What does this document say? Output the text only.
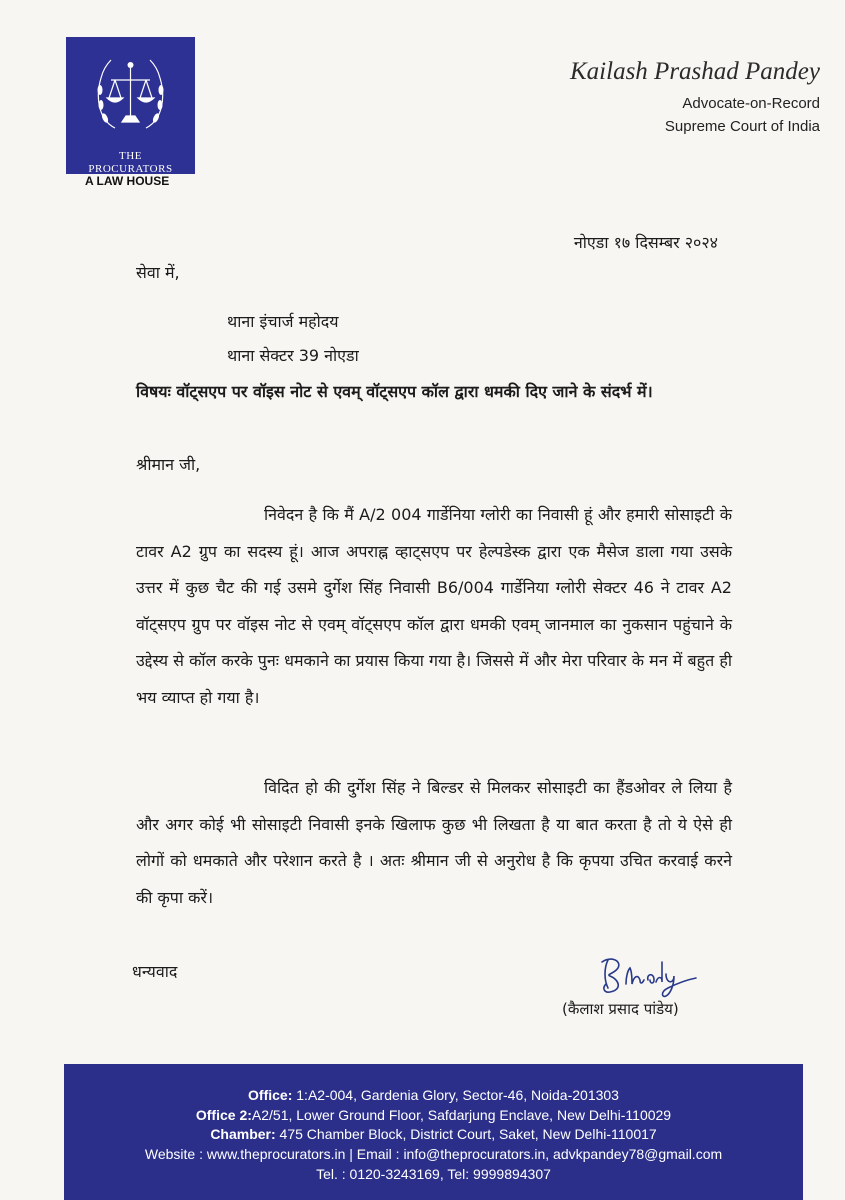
THE
PROCURATORS
A LAW HOUSE
Kailash Prashad Pandey
Advocate-on-Record
Supreme Court of India
नोएडा १७ दिसम्बर २०२४
सेवा में,
थाना इंचार्ज महोदय
थाना सेक्टर 39 नोएडा
विषयः वॉट्सएप पर वॉइस नोट से एवम् वॉट्सएप कॉल द्वारा धमकी दिए जाने के संदर्भ में।
श्रीमान जी,
निवेदन है कि मैं A/2 004 गार्डेनिया ग्लोरी का निवासी हूं और हमारी सोसाइटी के टावर A2 ग्रुप का सदस्य हूं। आज अपराह्न व्हाट्सएप पर हेल्पडेस्क द्वारा एक मैसेज डाला गया उसके उत्तर में कुछ चैट की गई उसमे दुर्गेश सिंह निवासी B6/004 गार्डेनिया ग्लोरी सेक्टर 46 ने टावर A2 वॉट्सएप ग्रुप पर वॉइस नोट से एवम् वॉट्सएप कॉल द्वारा धमकी एवम् जानमाल का नुकसान पहुंचाने के उद्देस्य से कॉल करके पुनः धमकाने का प्रयास किया गया है। जिससे में और मेरा परिवार के मन में बहुत ही भय व्याप्त हो गया है।
विदित हो की दुर्गेश सिंह ने बिल्डर से मिलकर सोसाइटी का हैंडओवर ले लिया है और अगर कोई भी सोसाइटी निवासी इनके खिलाफ कुछ भी लिखता है या बात करता है तो ये ऐसे ही लोगों को धमकाते और परेशान करते है । अतः श्रीमान जी से अनुरोध है कि कृपया उचित करवाई करने की कृपा करें।
धन्यवाद
(कैलाश प्रसाद पांडेय)
Office: 1:A2-004, Gardenia Glory, Sector-46, Noida-201303
Office 2:A2/51, Lower Ground Floor, Safdarjung Enclave, New Delhi-110029
Chamber: 475 Chamber Block, District Court, Saket, New Delhi-110017
Website : www.theprocurators.in | Email : info@theprocurators.in, advkpandey78@gmail.com
Tel. : 0120-3243169, Tel: 9999894307
